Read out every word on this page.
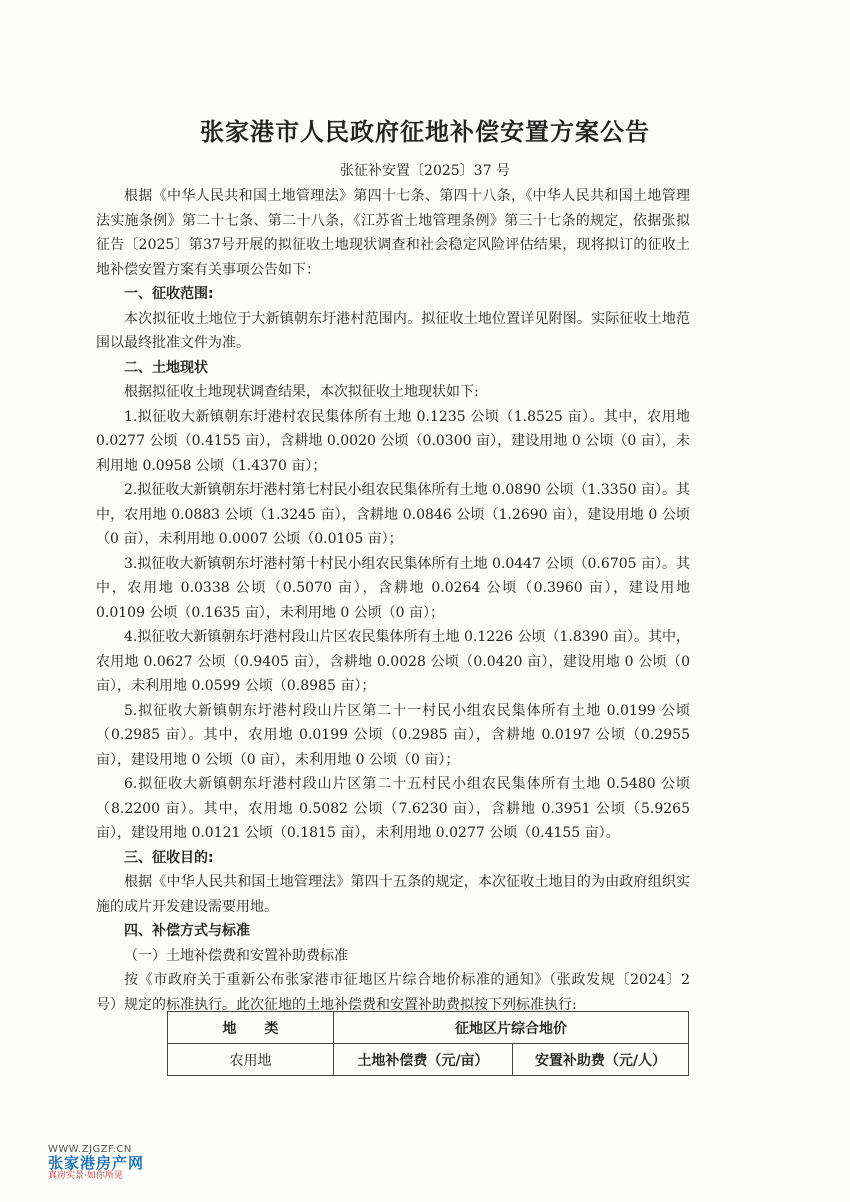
张家港市人民政府征地补偿安置方案公告
张征补安置〔2025〕37 号

根据《中华人民共和国土地管理法》第四十七条、第四十八条，《中华人民共和国土地管理法实施条例》第二十七条、第二十八条，《江苏省土地管理条例》第三十七条的规定，依据张拟征告〔2025〕第37号开展的拟征收土地现状调查和社会稳定风险评估结果，现将拟订的征收土地补偿安置方案有关事项公告如下：

一、征收范围:

本次拟征收土地位于大新镇朝东圩港村范围内。拟征收土地位置详见附图。实际征收土地范围以最终批准文件为准。

二、土地现状

根据拟征收土地现状调查结果，本次拟征收土地现状如下:

1.拟征收大新镇朝东圩港村农民集体所有土地 0.1235 公顷（1.8525 亩）。其中，农用地 0.0277 公顷（0.4155 亩），含耕地 0.0020 公顷（0.0300 亩），建设用地 0 公顷（0 亩），未利用地 0.0958 公顷（1.4370 亩）；

2.拟征收大新镇朝东圩港村第七村民小组农民集体所有土地 0.0890 公顷（1.3350 亩）。其中，农用地 0.0883 公顷（1.3245 亩），含耕地 0.0846 公顷（1.2690 亩），建设用地 0 公顷（0 亩），未利用地 0.0007 公顷（0.0105 亩）；

3.拟征收大新镇朝东圩港村第十村民小组农民集体所有土地 0.0447 公顷（0.6705 亩）。其中，农用地 0.0338 公顷（0.5070 亩），含耕地 0.0264 公顷（0.3960 亩），建设用地 0.0109 公顷（0.1635 亩），未利用地 0 公顷（0 亩）；

4.拟征收大新镇朝东圩港村段山片区农民集体所有土地 0.1226 公顷（1.8390 亩）。其中，农用地 0.0627 公顷（0.9405 亩），含耕地 0.0028 公顷（0.0420 亩），建设用地 0 公顷（0 亩），未利用地 0.0599 公顷（0.8985 亩）；

5.拟征收大新镇朝东圩港村段山片区第二十一村民小组农民集体所有土地 0.0199 公顷（0.2985 亩）。其中，农用地 0.0199 公顷（0.2985 亩），含耕地 0.0197 公顷（0.2955 亩），建设用地 0 公顷（0 亩），未利用地 0 公顷（0 亩）；

6.拟征收大新镇朝东圩港村段山片区第二十五村民小组农民集体所有土地 0.5480 公顷（8.2200 亩）。其中，农用地 0.5082 公顷（7.6230 亩），含耕地 0.3951 公顷（5.9265 亩），建设用地 0.0121 公顷（0.1815 亩），未利用地 0.0277 公顷（0.4155 亩）。

三、征收目的:

根据《中华人民共和国土地管理法》第四十五条的规定，本次征收土地目的为由政府组织实施的成片开发建设需要用地。

四、补偿方式与标准

（一）土地补偿费和安置补助费标准

按《市政府关于重新公布张家港市征地区片综合地价标准的通知》（张政发规〔2024〕2 号）规定的标准执行。此次征地的土地补偿费和安置补助费拟按下列标准执行:

地　　类	征地区片综合地价	
农用地	土地补偿费（元/亩）	安置补助费（元/人）
WWW.ZJGZF.CN
张家港房产网
真房实景·如你所见
